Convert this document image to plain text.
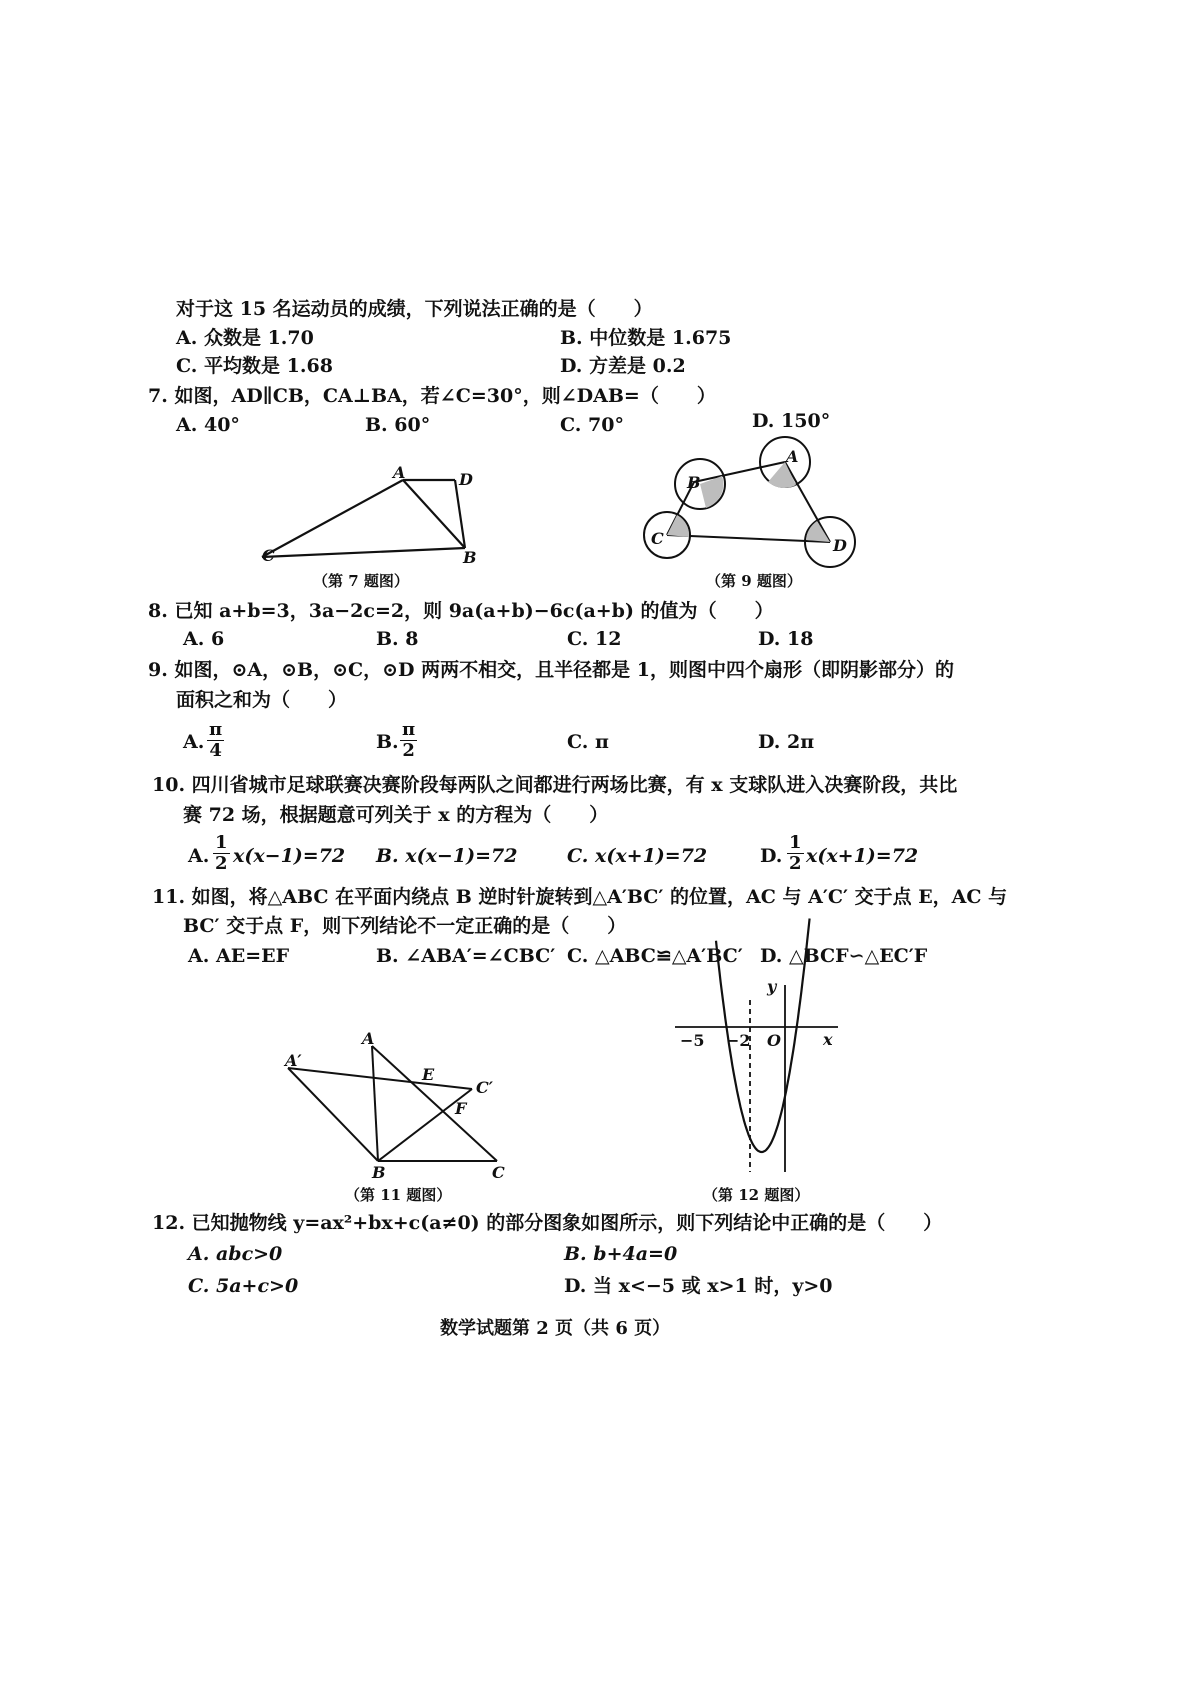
对于这 15 名运动员的成绩，下列说法正确的是（　　）
A. 众数是 1.70	B. 中位数是 1.675
C. 平均数是 1.68	D. 方差是 0.2
7. 如图，AD∥CB，CA⊥BA，若∠C=30°，则∠DAB=（　　）
A. 40°	B. 60°	C. 70°	D. 150°
A	D
C	B
A
B
C	D
（第 7 题图）	（第 9 题图）
8. 已知 a+b=3，3a−2c=2，则 9a(a+b)−6c(a+b) 的值为（　　）
A. 6	B. 8	C. 12	D. 18
9. 如图，⊙A，⊙B，⊙C，⊙D 两两不相交，且半径都是 1，则图中四个扇形（即阴影部分）的
面积之和为（　　）
A. $\frac{\pi}{4}$	B. $\frac{\pi}{2}$	C. π	D. 2π
10. 四川省城市足球联赛决赛阶段每两队之间都进行两场比赛，有 x 支球队进入决赛阶段，共比
赛 72 场，根据题意可列关于 x 的方程为（　　）
A. $\frac{1}{2} x(x-1)=72$ B. x(x−1)=72	C. x(x+1)=72	D. $\frac{1}{2} x(x+1)=72$
11. 如图，将△ABC 在平面内绕点 B 逆时针旋转到△A′BC′ 的位置，AC 与 A′C′ 交于点 E，AC 与
BC′ 交于点 F，则下列结论不一定正确的是（　　）
A. AE=EF	B. ∠ABA′=∠CBC′ C. △ABC≌△A′BC′ D. △BCF∽△EC′F
A
A′
E
C′
F
B	C
y
x
−5 −2 O
（第 11 题图）	（第 12 题图）
12. 已知抛物线 y=ax²+bx+c(a≠0) 的部分图象如图所示，则下列结论中正确的是（　　）
A. abc>0	B. b+4a=0
C. 5a+c>0	D. 当 x<−5 或 x>1 时，y>0
数学试题第 2 页（共 6 页）
